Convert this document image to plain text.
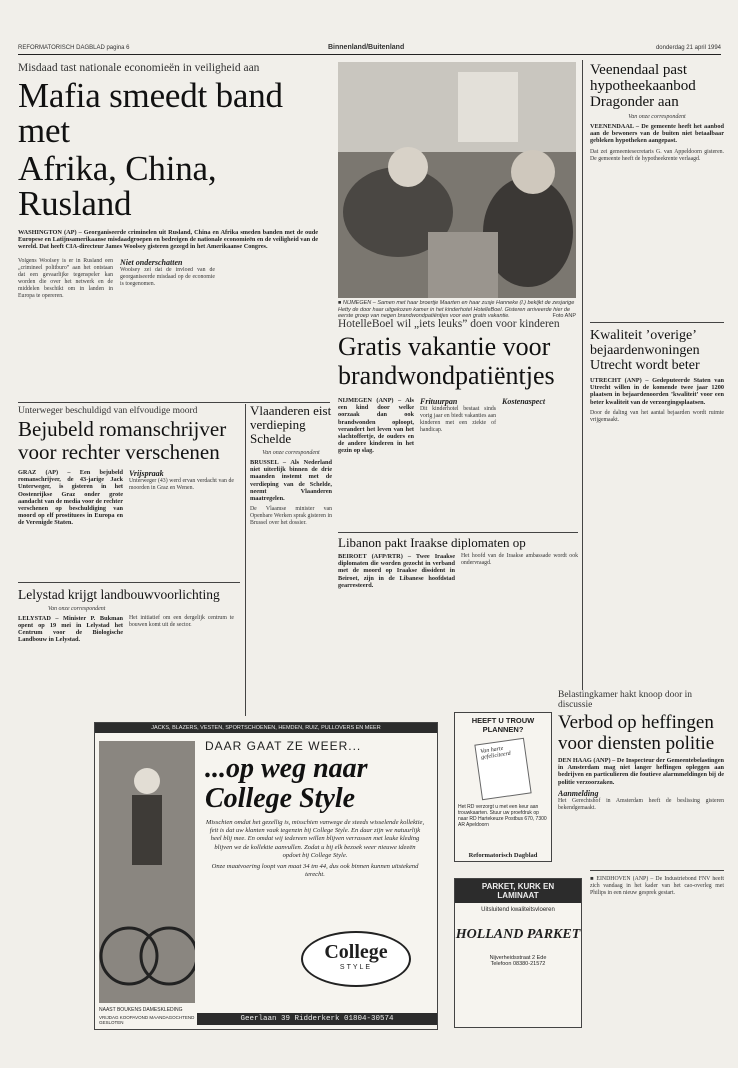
REFORMATORISCH DAGBLAD pagina 6	Binnenland/Buitenland	donderdag 21 april 1994
Misdaad tast nationale economieën in veiligheid aan
Mafia smeedt band met
Afrika, China, Rusland
WASHINGTON (AP) – Georganiseerde criminelen uit Rusland, China en Afrika smeden banden met de oude Europese en Latijnsamerikaanse misdaadgroepen en bedreigen de nationale economieën en de veiligheid van de wereld. Dat heeft CIA-directeur James Woolsey gisteren gezegd in het Amerikaanse Congres.
Volgens Woolsey is er in Rusland een „crimineel politburo” aan het ontstaan dat een gevaarlijke tegenspeler kan worden die over het netwerk en de middelen beschikt om in landen in Europa te opereren.
Niet onderschatten
Woolsey zei dat de invloed van de georganiseerde misdaad op de economie is toegenomen.
■ NIJMEGEN – Samen met haar broertje Maarten en haar zusje Hanneke (l.) bekijkt de zesjarige Hetty de door haar uitgekozen kamer in het kinderhotel HotelleBoel. Gisteren arriveerde hier de eerste groep van negen brandwondpatiëntjes voor een gratis vakantie.	Foto ANP
Veenendaal past hypotheekaanbod Dragonder aan
Van onze correspondent
VEENENDAAL – De gemeente heeft het aanbod aan de bewoners van de buiten niet betaalbaar gebleken hypotheken aangepast.
Dat zei gemeentesecretaris G. van Appeldoorn gisteren. De gemeente heeft de hypotheekrente verlaagd.
Kwaliteit ’overige’ bejaardenwoningen Utrecht wordt beter
UTRECHT (ANP) – Gedeputeerde Staten van Utrecht willen in de komende twee jaar 1200 plaatsen in bejaardenoorden ’kwaliteit’ voor een beter kwaliteit van de verzorgingsplaatsen.
Door de daling van het aantal bejaarden wordt ruimte vrijgemaakt.
HotelleBoel wil „iets leuks” doen voor kinderen
Gratis vakantie voor
brandwondpatiëntjes
NIJMEGEN (ANP) – Als een kind door welke oorzaak dan ook brandwonden oploopt, verandert het leven van het slachtoffertje, de ouders en de andere kinderen in het gezin op slag.
Frituurpan
Dit kinderhotel bestaat sinds vorig jaar en biedt vakanties aan kinderen met een ziekte of handicap.
Kostenaspect
Unterweger beschuldigd van elfvoudige moord
Bejubeld romanschrijver
voor rechter verschenen
GRAZ (AP) – Een bejubeld romanschrijver, de 43-jarige Jack Unterweger, is gisteren in het Oostenrijkse Graz onder grote aandacht van de media voor de rechter verschenen op beschuldiging van moord op elf prostituees in Europa en de Verenigde Staten.
Vrijspraak
Unterweger (43) werd ervan verdacht van de moorden in Graz en Wenen.
Vlaanderen eist verdieping Schelde
Van onze correspondent
BRUSSEL – Als Nederland niet uiterlijk binnen de drie maanden instemt met de verdieping van de Schelde, neemt Vlaanderen maatregelen.
De Vlaamse minister van Openbare Werken sprak gisteren in Brussel over het dossier.
Lelystad krijgt landbouwvoorlichting
Van onze correspondent
LELYSTAD – Minister P. Bukman opent op 19 mei in Lelystad het Centrum voor de Biologische Landbouw in Lelystad.
Het initiatief om een dergelijk centrum te bouwen komt uit de sector.
Libanon pakt Iraakse diplomaten op
BEIROET (AFP/RTR) – Twee Iraakse diplomaten die worden gezocht in verband met de moord op Iraakse dissident in Beiroet, zijn in de Libanese hoofdstad gearresteerd.
Het hoofd van de Iraakse ambassade wordt ook ondervraagd.
Belastingkamer hakt knoop door in discussie
Verbod op heffingen
voor diensten politie
DEN HAAG (ANP) – De Inspecteur der Gemeentebelastingen in Amsterdam mag niet langer heffingen opleggen aan bedrijven en particulieren die foutieve alarmmeldingen bij de politie verzoorzaken.
Aanmelding
Het Gerechtshof in Amsterdam heeft de beslissing gisteren bekendgemaakt.
■ EINDHOVEN (ANP) – De Industriebond FNV heeft zich vandaag in het kader van het cao-overleg met Philips in een nieuw gesprek gestart.
JACKS, BLAZERS, VESTEN, SPORTSCHOENEN, HEMDEN, RUIZ, PULLOVERS EN MEER
DAAR GAAT ZE WEER...
...op weg naar
College Style
Misschien omdat het gezellig is, misschien vanwege de steeds wisselende kollektie, feit is dat uw klanten vaak tegenzin bij College Style. En daar zijn we natuurlijk heel blij mee. En omdat wij iedereen willen blijven verrassen met leuke kleding blijven we de kollektie aanvullen. Zodat u bij elk bezoek weer nieuwe ideeën opdoet bij College Style.
Onze maatvoering loopt van maat 34 tm 44, dus ook binnen kunnen uitstekend terecht.
College
STYLE
Geerlaan 39 Ridderkerk 01804-30574
NAAST BOUKENS DAMESKLEDING
VRIJDAG KOOPAVOND MAANDAGOCHTEND GESLOTEN
HEEFT U TROUW PLANNEN?
Van harte gefeliciteerd
Het RD verzorgt u met een keur aan trouwkaarten. Stuur uw proefdruk op naar RD Hartekeuze Postbus 670, 7300 AR Apeldoorn
Reformatorisch Dagblad
PARKET, KURK EN
LAMINAAT
Uitsluitend kwaliteitsvloeren
HOLLAND PARKET
Nijverheidsstraat 2 Ede
Telefoon 08380-21572
